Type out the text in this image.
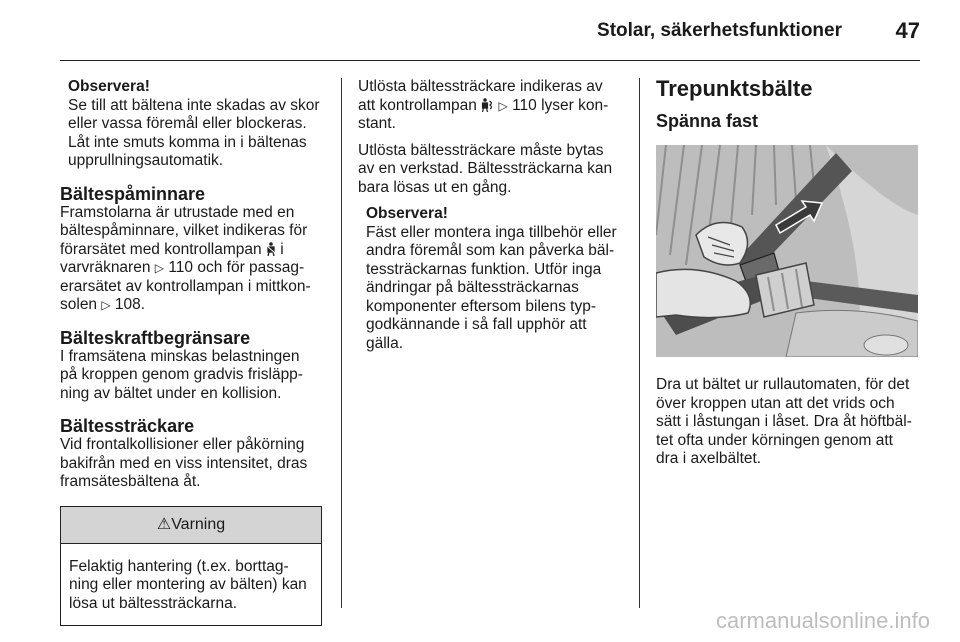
Stolar, säkerhetsfunktioner 47
Observera!
Se till att bältena inte skadas av skor
eller vassa föremål eller blockeras.
Låt inte smuts komma in i bältenas
upprullningsautomatik.
Bältespåminnare
Framstolarna är utrustade med en
bältespåminnare, vilket indikeras för
förarsätet med kontrollampan i
varvräknaren ▷ 110 och för passag-
erarsätet av kontrollampan i mittkon-
solen ▷ 108.
Bälteskraftbegränsare
I framsätena minskas belastningen
på kroppen genom gradvis frisläpp-
ning av bältet under en kollision.
Bältessträckare
Vid frontalkollisioner eller påkörning
bakifrån med en viss intensitet, dras
framsätesbältena åt.
⚠Varning
Felaktig hantering (t.ex. borttag-
ning eller montering av bälten) kan
lösa ut bältessträckarna.
Utlösta bältessträckare indikeras av
att kontrollampan ▷ 110 lyser kon-
stant.
Utlösta bältessträckare måste bytas
av en verkstad. Bältessträckarna kan
bara lösas ut en gång.
Observera!
Fäst eller montera inga tillbehör eller
andra föremål som kan påverka bäl-
tessträckarnas funktion. Utför inga
ändringar på bältessträckarnas
komponenter eftersom bilens typ-
godkännande i så fall upphör att
gälla.
Trepunktsbälte
Spänna fast
Dra ut bältet ur rullautomaten, för det
över kroppen utan att det vrids och
sätt i låstungan i låset. Dra åt höftbäl-
tet ofta under körningen genom att
dra i axelbältet.
carmanualsonline.info
